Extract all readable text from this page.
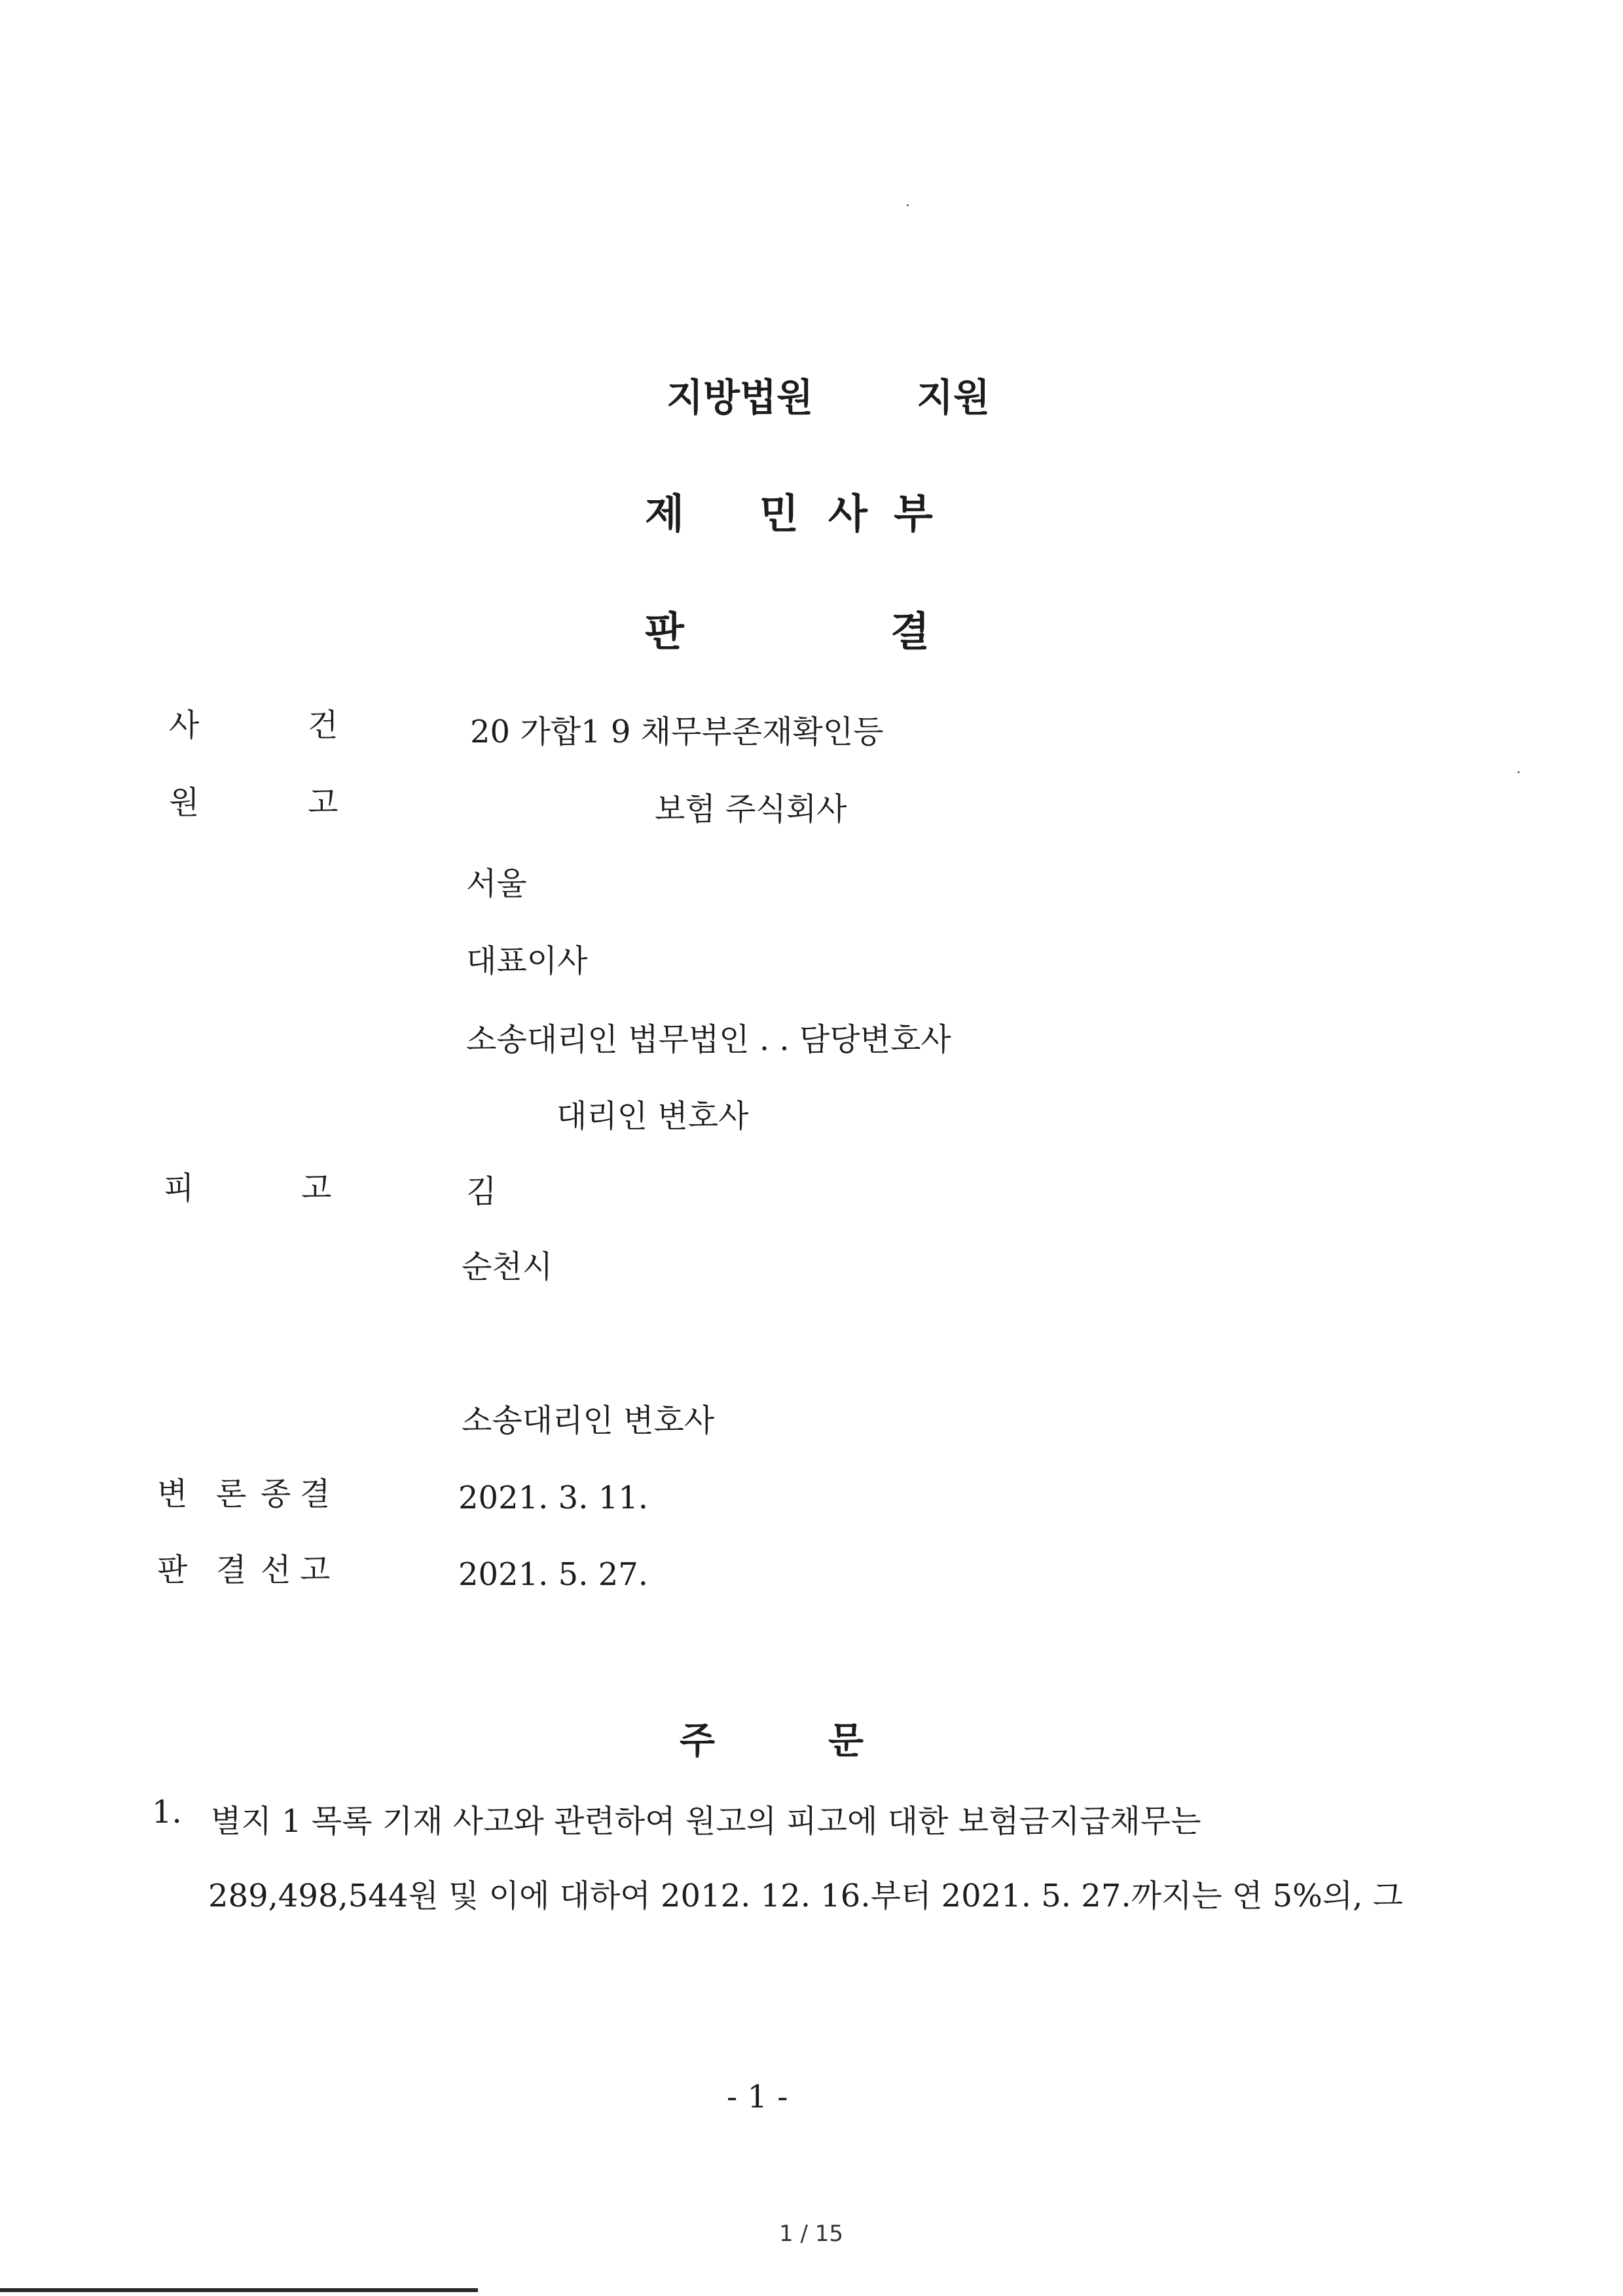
지방법원	지원
제 민 사 부
판	결
사	건	20 가합1 9 채무부존재확인등
원	고	보험 주식회사
서울
대표이사
소송대리인 법무법인 . . 담당변호사
대리인 변호사
피	고	김
순천시
소송대리인 변호사
변 론 종 결	2021. 3. 11.
판 결 선 고	2021. 5. 27.
주	문
1. 별지 1 목록 기재 사고와 관련하여 원고의 피고에 대한 보험금지급채무는
289,498,544원 및 이에 대하여 2012. 12. 16.부터 2021. 5. 27.까지는 연 5%의, 그
- 1 -
1 / 15
